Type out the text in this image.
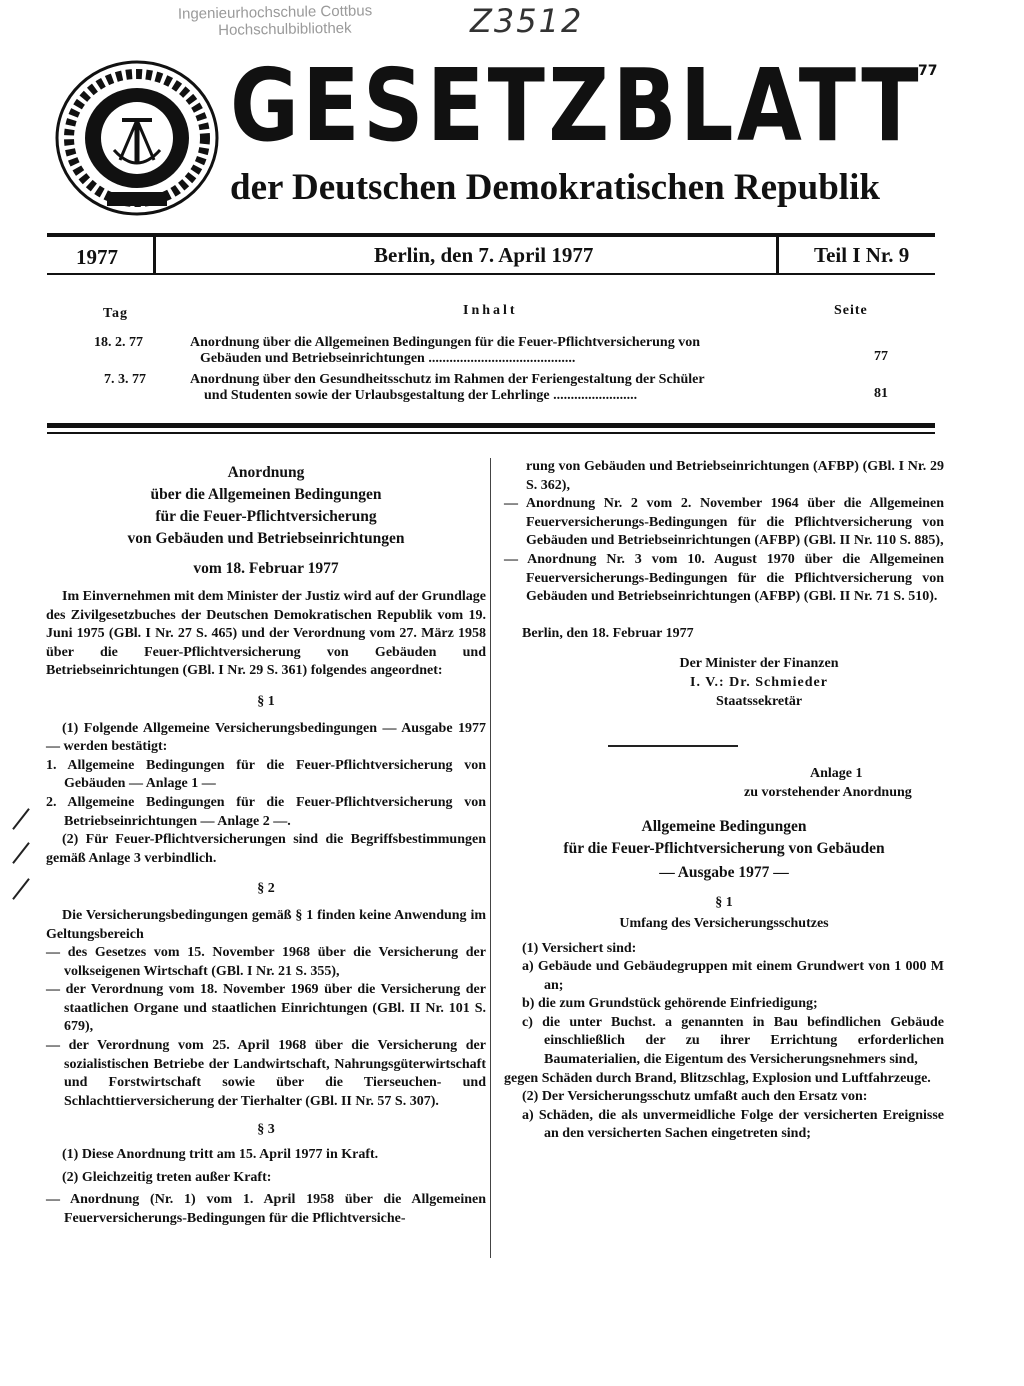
Ingenieurhochschule Cottbus
Hochschulbibliothek	Z3512
GESETZBLATT
der Deutschen Demokratischen Republik
77
1977	Berlin, den 7. April 1977	Teil I Nr. 9
Tag	Inhalt	Seite
18. 2. 77	Anordnung über die Allgemeinen Bedingungen für die Feuer-Pflichtversicherung von
Gebäuden und Betriebseinrichtungen ..........................................	77
7. 3. 77	Anordnung über den Gesundheitsschutz im Rahmen der Feriengestaltung der Schüler
und Studenten sowie der Urlaubsgestaltung der Lehrlinge ........................	81
Anordnung
über die Allgemeinen Bedingungen
für die Feuer-Pflichtversicherung
von Gebäuden und Betriebseinrichtungen
vom 18. Februar 1977

Im Einvernehmen mit dem Minister der Justiz wird auf der Grundlage des Zivilgesetzbuches der Deutschen Demokratischen Republik vom 19. Juni 1975 (GBl. I Nr. 27 S. 465) und der Verordnung vom 27. März 1958 über die Feuer-Pflichtversicherung von Gebäuden und Betriebseinrichtungen (GBl. I Nr. 29 S. 361) folgendes angeordnet:

§ 1

(1) Folgende Allgemeine Versicherungsbedingungen — Ausgabe 1977 — werden bestätigt:

1. Allgemeine Bedingungen für die Feuer-Pflichtversicherung von Gebäuden — Anlage 1 —

2. Allgemeine Bedingungen für die Feuer-Pflichtversicherung von Betriebseinrichtungen — Anlage 2 —.

(2) Für Feuer-Pflichtversicherungen sind die Begriffsbestimmungen gemäß Anlage 3 verbindlich.

§ 2

Die Versicherungsbedingungen gemäß § 1 finden keine Anwendung im Geltungsbereich

— des Gesetzes vom 15. November 1968 über die Versicherung der volkseigenen Wirtschaft (GBl. I Nr. 21 S. 355),

— der Verordnung vom 18. November 1969 über die Versicherung der staatlichen Organe und staatlichen Einrichtungen (GBl. II Nr. 101 S. 679),

— der Verordnung vom 25. April 1968 über die Versicherung der sozialistischen Betriebe der Landwirtschaft, Nahrungsgüterwirtschaft und Forstwirtschaft sowie über die Tierseuchen- und Schlachttierversicherung der Tierhalter (GBl. II Nr. 57 S. 307).

§ 3

(1) Diese Anordnung tritt am 15. April 1977 in Kraft.

(2) Gleichzeitig treten außer Kraft:

— Anordnung (Nr. 1) vom 1. April 1958 über die Allgemeinen Feuerversicherungs-Bedingungen für die Pflichtversiche-

rung von Gebäuden und Betriebseinrichtungen (AFBP) (GBl. I Nr. 29 S. 362),

— Anordnung Nr. 2 vom 2. November 1964 über die Allgemeinen Feuerversicherungs-Bedingungen für die Pflichtversicherung von Gebäuden und Betriebseinrichtungen (AFBP) (GBl. II Nr. 110 S. 885),

— Anordnung Nr. 3 vom 10. August 1970 über die Allgemeinen Feuerversicherungs-Bedingungen für die Pflichtversicherung von Gebäuden und Betriebseinrichtungen (AFBP) (GBl. II Nr. 71 S. 510).

Berlin, den 18. Februar 1977

Der Minister der Finanzen
I. V.: Dr. Schmieder
Staatssekretär
Anlage 1
zu vorstehender Anordnung
Allgemeine Bedingungen
für die Feuer-Pflichtversicherung von Gebäuden
— Ausgabe 1977 —
§ 1
Umfang des Versicherungsschutzes

(1) Versichert sind:

a) Gebäude und Gebäudegruppen mit einem Grundwert von 1 000 M an;

b) die zum Grundstück gehörende Einfriedigung;

c) die unter Buchst. a genannten in Bau befindlichen Gebäude einschließlich der zu ihrer Errichtung erforderlichen Baumaterialien, die Eigentum des Versicherungsnehmers sind,

gegen Schäden durch Brand, Blitzschlag, Explosion und Luftfahrzeuge.

(2) Der Versicherungsschutz umfaßt auch den Ersatz von:

a) Schäden, die als unvermeidliche Folge der versicherten Ereignisse an den versicherten Sachen eingetreten sind;
